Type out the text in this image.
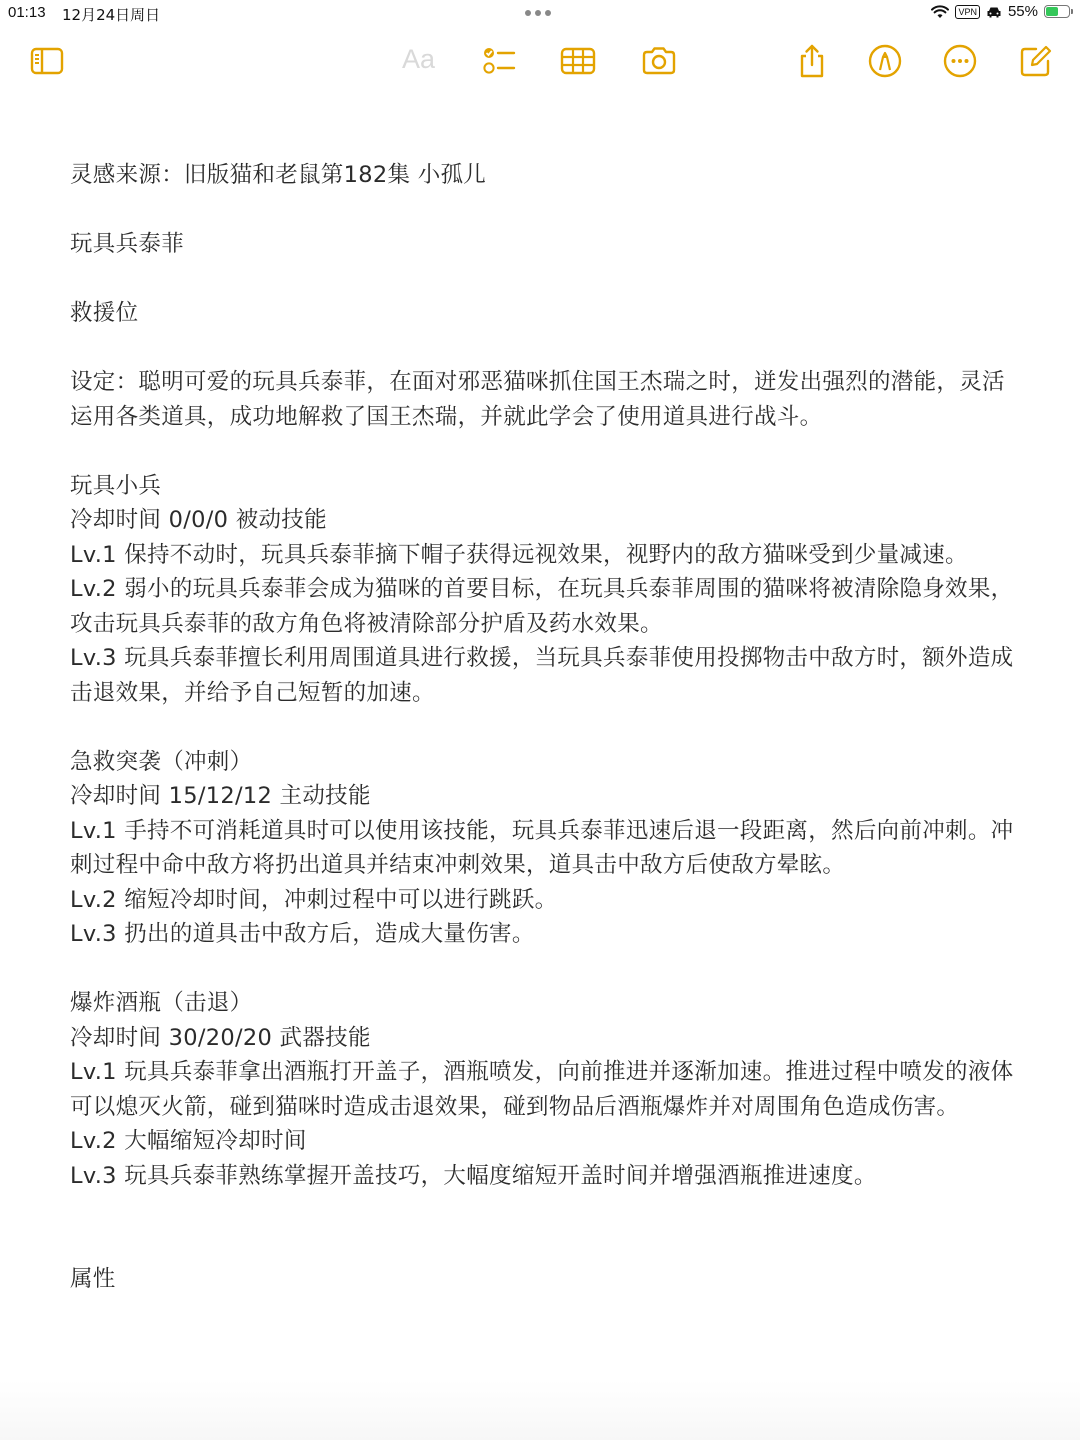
01:13 12月24日周日	VPN 55%
Aa

灵感来源：旧版猫和老鼠第182集 小孤儿

玩具兵泰菲

救援位

设定：聪明可爱的玩具兵泰菲，在面对邪恶猫咪抓住国王杰瑞之时，迸发出强烈的潜能，灵活运用各类道具，成功地解救了国王杰瑞，并就此学会了使用道具进行战斗。

玩具小兵

冷却时间 0/0/0 被动技能

Lv.1 保持不动时，玩具兵泰菲摘下帽子获得远视效果，视野内的敌方猫咪受到少量减速。

Lv.2 弱小的玩具兵泰菲会成为猫咪的首要目标，在玩具兵泰菲周围的猫咪将被清除隐身效果，攻击玩具兵泰菲的敌方角色将被清除部分护盾及药水效果。

Lv.3 玩具兵泰菲擅长利用周围道具进行救援，当玩具兵泰菲使用投掷物击中敌方时，额外造成击退效果，并给予自己短暂的加速。

急救突袭（冲刺）

冷却时间 15/12/12 主动技能

Lv.1 手持不可消耗道具时可以使用该技能，玩具兵泰菲迅速后退一段距离，然后向前冲刺。冲刺过程中命中敌方将扔出道具并结束冲刺效果，道具击中敌方后使敌方晕眩。

Lv.2 缩短冷却时间，冲刺过程中可以进行跳跃。

Lv.3 扔出的道具击中敌方后，造成大量伤害。

爆炸酒瓶（击退）

冷却时间 30/20/20 武器技能

Lv.1 玩具兵泰菲拿出酒瓶打开盖子，酒瓶喷发，向前推进并逐渐加速。推进过程中喷发的液体可以熄灭火箭，碰到猫咪时造成击退效果，碰到物品后酒瓶爆炸并对周围角色造成伤害。

Lv.2 大幅缩短冷却时间

Lv.3 玩具兵泰菲熟练掌握开盖技巧，大幅度缩短开盖时间并增强酒瓶推进速度。

属性
